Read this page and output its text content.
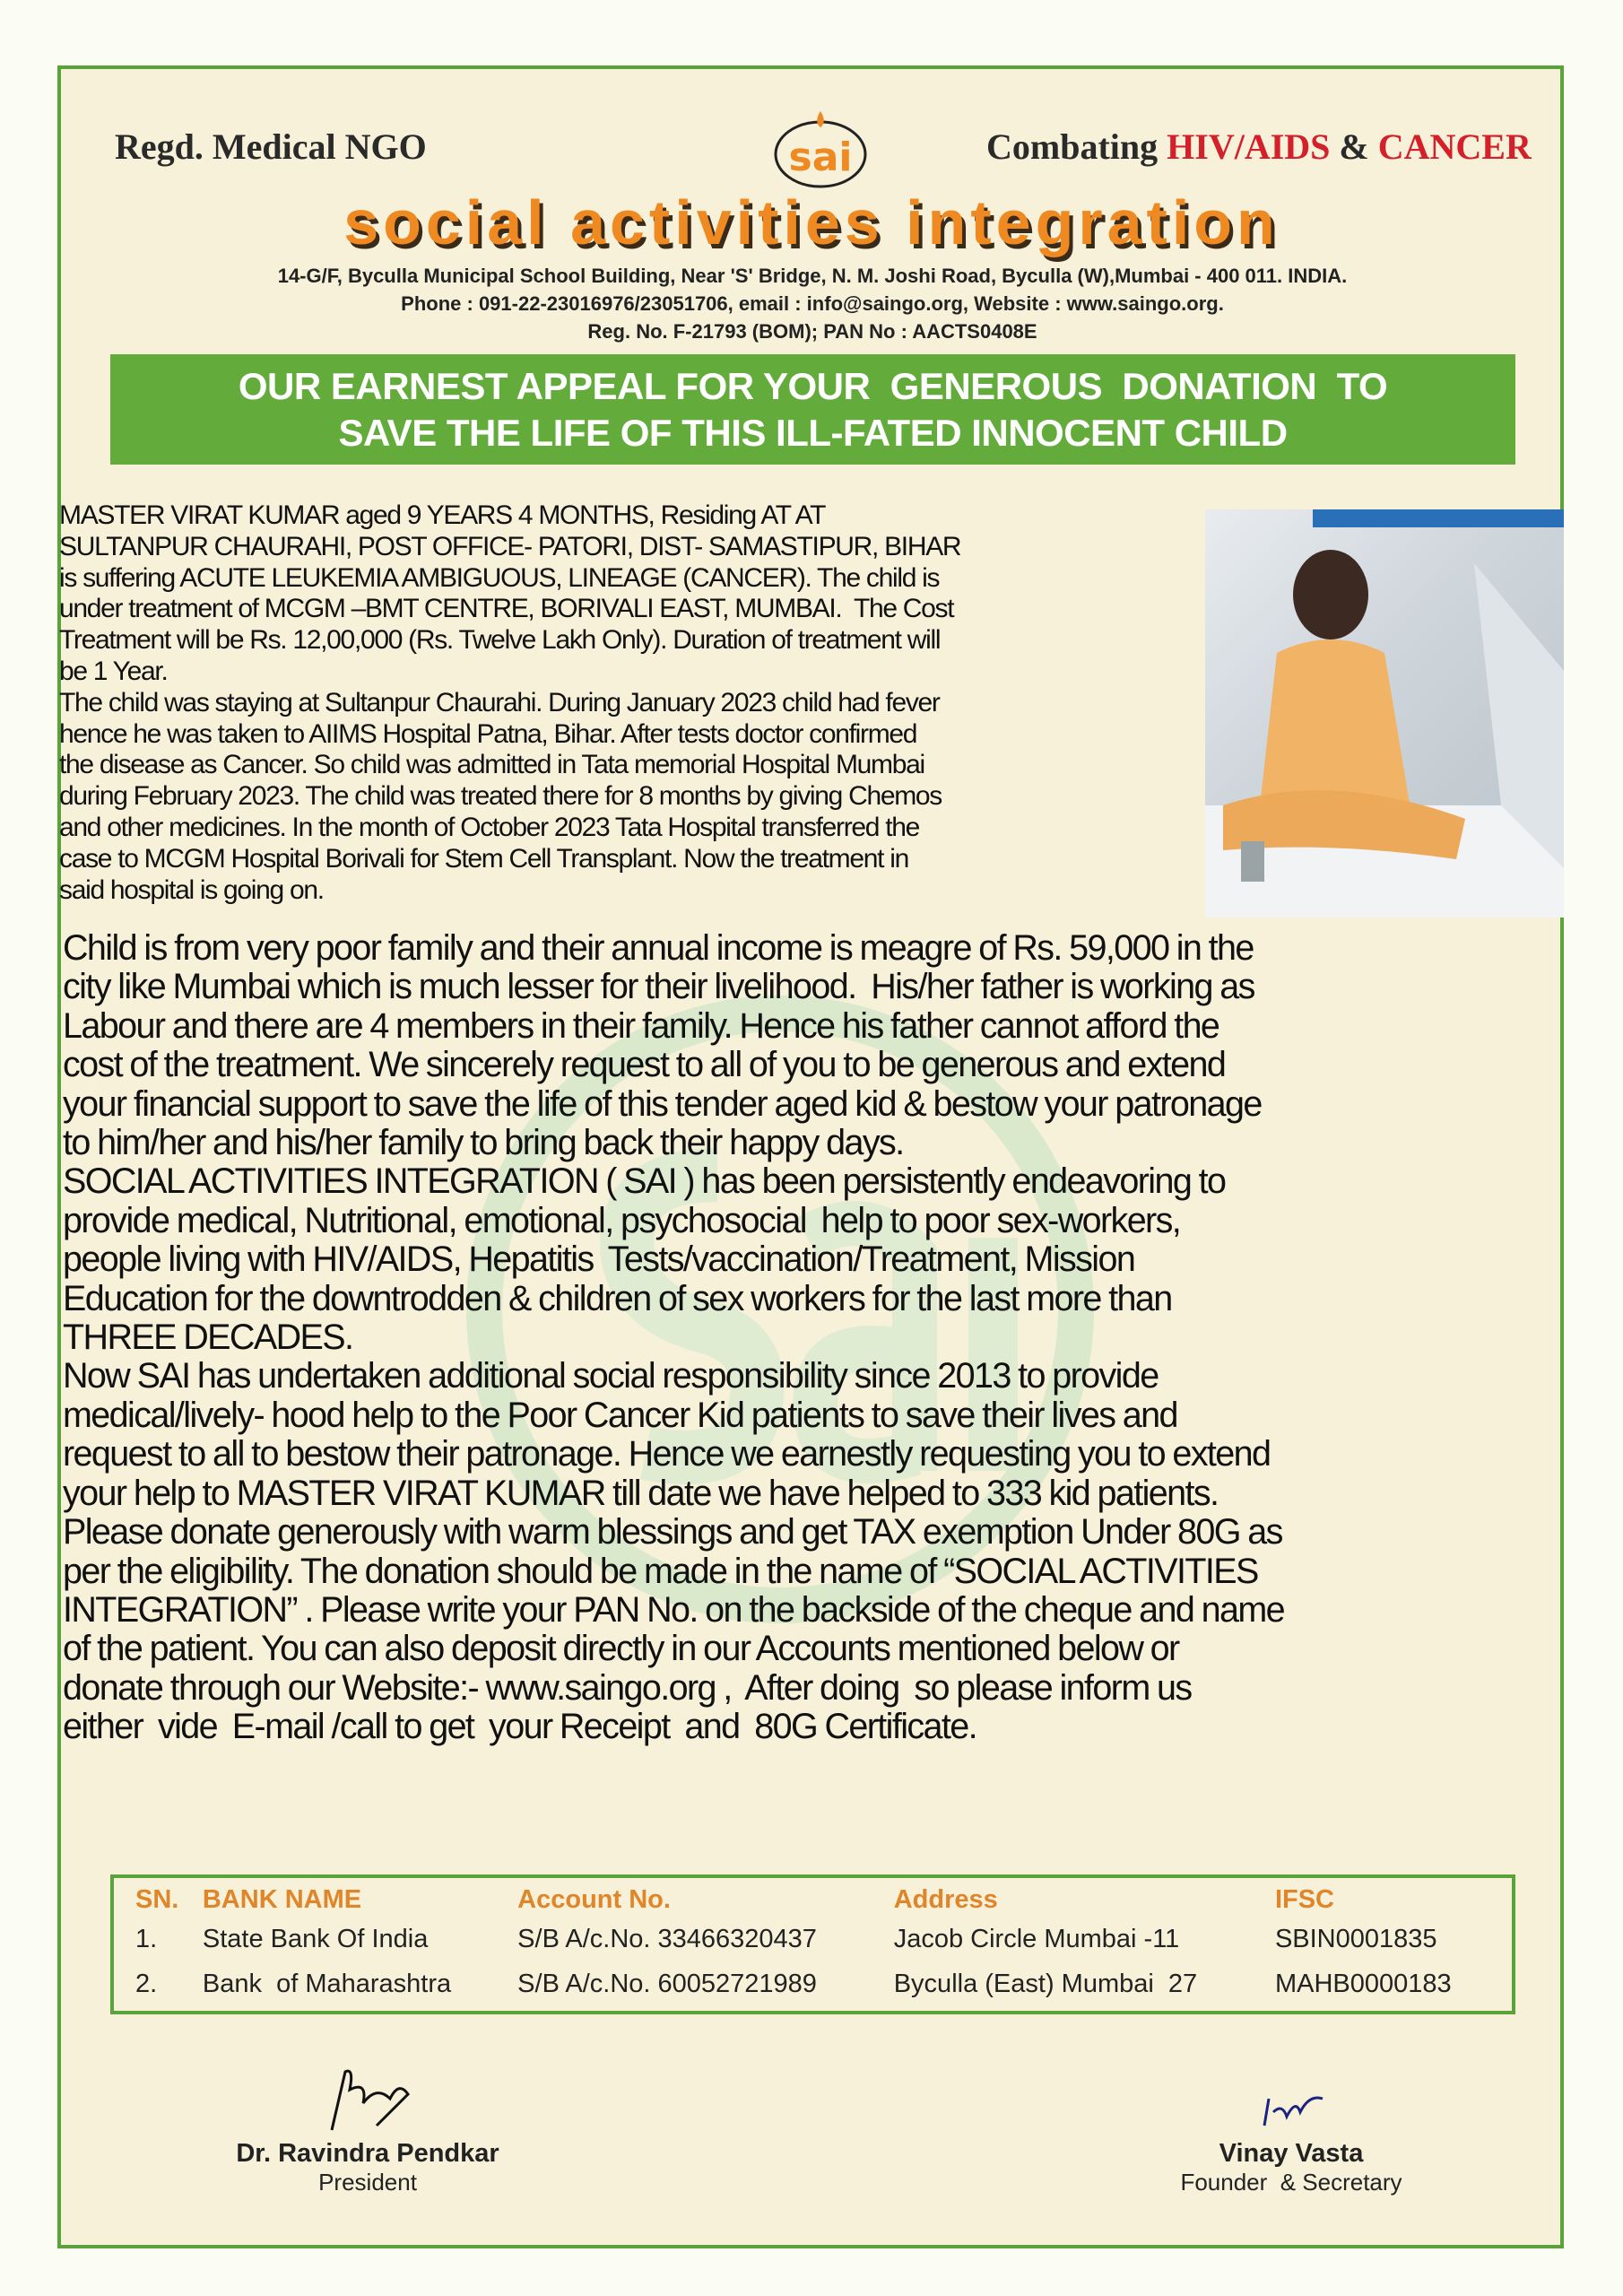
Regd. Medical NGO	sai	Combating HIV/AIDS & CANCER
social activities integration
14-G/F, Byculla Municipal School Building, Near 'S' Bridge, N. M. Joshi Road, Byculla (W),Mumbai - 400 011. INDIA.
Phone : 091-22-23016976/23051706, email : info@saingo.org, Website : www.saingo.org.
Reg. No. F-21793 (BOM); PAN No : AACTS0408E
OUR EARNEST APPEAL FOR YOUR  GENEROUS  DONATION  TO
SAVE THE LIFE OF THIS ILL-FATED INNOCENT CHILD
MASTER VIRAT KUMAR aged 9 YEARS 4 MONTHS, Residing AT AT
SULTANPUR CHAURAHI, POST OFFICE- PATORI, DIST- SAMASTIPUR, BIHAR
is suffering ACUTE LEUKEMIA AMBIGUOUS, LINEAGE (CANCER). The child is
under treatment of MCGM –BMT CENTRE, BORIVALI EAST, MUMBAI.  The Cost
Treatment will be Rs. 12,00,000 (Rs. Twelve Lakh Only). Duration of treatment will
be 1 Year.
The child was staying at Sultanpur Chaurahi. During January 2023 child had fever
hence he was taken to AIIMS Hospital Patna, Bihar. After tests doctor confirmed
the disease as Cancer. So child was admitted in Tata memorial Hospital Mumbai
during February 2023. The child was treated there for 8 months by giving Chemos
and other medicines. In the month of October 2023 Tata Hospital transferred the
case to MCGM Hospital Borivali for Stem Cell Transplant. Now the treatment in
said hospital is going on.
Child is from very poor family and their annual income is meagre of Rs. 59,000 in the
city like Mumbai which is much lesser for their livelihood.  His/her father is working as
Labour and there are 4 members in their family. Hence his father cannot afford the
cost of the treatment. We sincerely request to all of you to be generous and extend
your financial support to save the life of this tender aged kid & bestow your patronage
to him/her and his/her family to bring back their happy days.
SOCIAL ACTIVITIES INTEGRATION ( SAI ) has been persistently endeavoring to
provide medical, Nutritional, emotional, psychosocial  help to poor sex-workers,
people living with HIV/AIDS, Hepatitis  Tests/vaccination/Treatment, Mission
Education for the downtrodden & children of sex workers for the last more than
THREE DECADES.
Now SAI has undertaken additional social responsibility since 2013 to provide
medical/lively- hood help to the Poor Cancer Kid patients to save their lives and
request to all to bestow their patronage. Hence we earnestly requesting you to extend
your help to MASTER VIRAT KUMAR till date we have helped to 333 kid patients.
Please donate generously with warm blessings and get TAX exemption Under 80G as
per the eligibility. The donation should be made in the name of “SOCIAL ACTIVITIES
INTEGRATION” . Please write your PAN No. on the backside of the cheque and name
of the patient. You can also deposit directly in our Accounts mentioned below or
donate through our Website:- www.saingo.org ,  After doing  so please inform us
either  vide  E-mail /call to get  your Receipt  and  80G Certificate.
SN.	BANK NAME	Account No.	Address	IFSC
1.	State Bank Of India	S/B A/c.No. 33466320437	Jacob Circle Mumbai -11	SBIN0001835
2.	Bank  of Maharashtra	S/B A/c.No. 60052721989	Byculla (East) Mumbai  27	MAHB0000183
Dr. Ravindra Pendkar
President
Vinay Vasta
Founder  & Secretary
